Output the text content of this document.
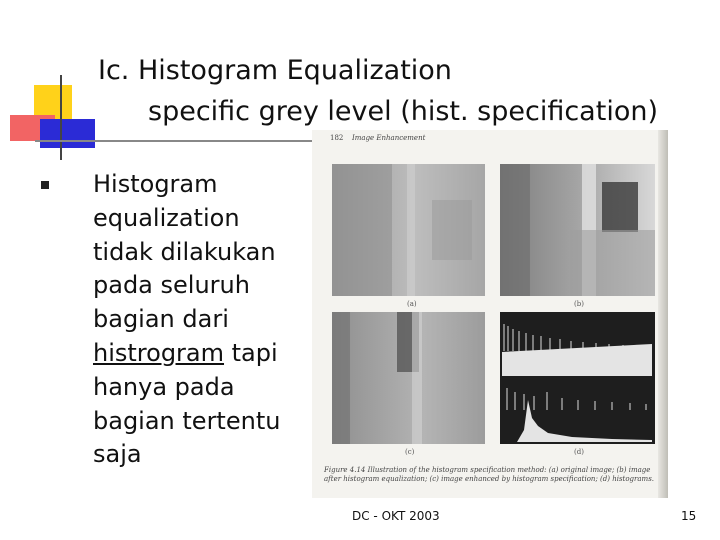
Ic. Histogram Equalization
specific grey level (hist. specification)
Histogram equalization tidak dilakukan pada seluruh bagian dari histrogram tapi hanya pada bagian tertentu saja
182 Image Enhancement
(a)	(b)
(c)	(d)
Figure 4.14 Illustration of the histogram specification method: (a) original image; (b) image after histogram equalization; (c) image enhanced by histogram specification; (d) histograms.
DC - OKT 2003	15
